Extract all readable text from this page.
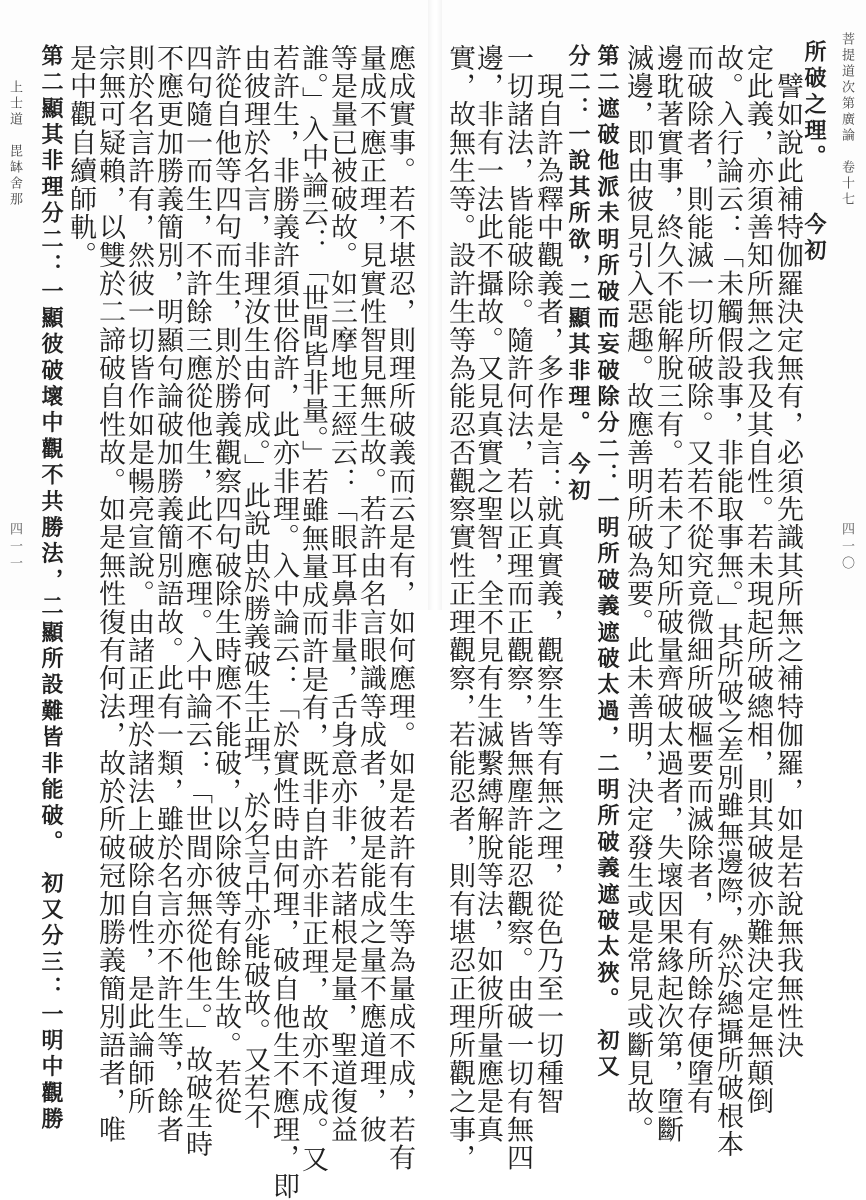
菩提道次第廣論　卷十七
所破之理。　　今初
　譬如說此補特伽羅決定無有，必須先識其所無之補特伽羅，如是若說無我無性決
定此義，亦須善知所無之我及其自性。若未現起所破總相，則其破彼亦難決定是無顛倒
故。入行論云：「未觸假設事，非能取事無。」其所破之差別雖無邊際，然於總攝所破根本
而破除者，則能滅一切所破除。又若不從究竟微細所破樞要而滅除者，有所餘存便墮有
邊耽著實事，終久不能解脫三有。若未了知所破量齊破太過者，失壞因果緣起次第，墮斷
滅邊，即由彼見引入惡趣。故應善明所破為要。此未善明，決定發生或是常見或斷見故。
第二遮破他派未明所破而妄破除分二：一明所破義遮破太過，二明所破義遮破太狹。　初又
分二：一說其所欲，二顯其非理。　今初
　現自許為釋中觀義者，多作是言：就真實義，觀察生等有無之理，從色乃至一切種智
一切諸法，皆能破除。隨許何法，若以正理而正觀察，皆無塵許能忍觀察。由破一切有無四
邊，非有一法此不攝故。又見真實之聖智，全不見有生滅繫縛解脫等法，如彼所量應是真
實，故無生等。設許生等為能忍否觀察實性正理觀察，若能忍者，則有堪忍正理所觀之事，	四一〇
應成實事。若不堪忍，則理所破義而云是有，如何應理。如是若許有生等為量成不成，若有
量成不應正理，見實性智見無生故。若許由名言眼識等成者，彼是能成之量不應道理，彼
等是量已被破故。如三摩地王經云：「眼耳鼻非量，舌身意亦非，若諸根是量，聖道復益
誰。」入中論云：「世間皆非量。」若雖無量成而許是有，既非自許亦非正理，故亦不成。又
若許生，非勝義許須世俗許，此亦非理。入中論云：「於實性時由何理，破自他生不應理，即
由彼理於名言，非理汝生由何成。」此說由於勝義破生正理，於名言中亦能破故。又若不
許從自他等四句而生，則於勝義觀察四句破除生時應不能破，以除彼等有餘生故。若從
四句隨一而生，不許餘三應從他生，此不應理。入中論云：「世間亦無從他生。」故破生時
不應更加勝義簡別，明顯句論破加勝義簡別語故。此有一類，雖於名言亦不許生等，餘者
則於名言許有，然彼一切皆作如是暢亮宣說。由諸正理於諸法上破除自性，是此論師所
宗無可疑賴，以雙於二諦破自性故。如是無性復有何法，故於所破冠加勝義簡別語者，唯
是中觀自續師軌。
第二顯其非理分二：一顯彼破壞中觀不共勝法，二顯所設難皆非能破。　初又分三：一明中觀勝
上士道　毘缽舍那
四一一
